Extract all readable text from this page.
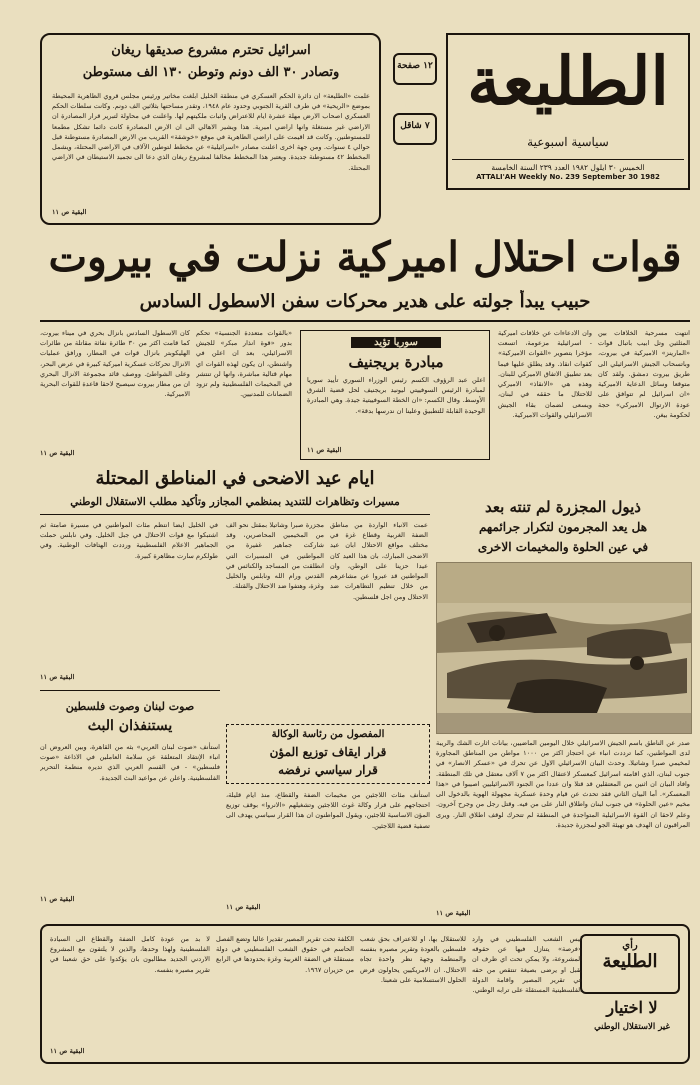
الطليعة
سياسية اسبوعية
الخميس ٣٠ ايلول ١٩٨٢ العدد ٢٣٩ السنة الخامسة
ATTALI'AH Weekly No. 239 September 30 1982
١٢ صفحة
٧ شاقل
اسرائيل تحترم مشروع صديقها ريغان
وتصادر ٣٠ الف دونم وتوطن ١٣٠ الف مستوطن
علمت «الطليعة» ان دائرة الحكم العسكري في منطقة الخليل ابلغت مخاتير ورئيس مجلس قروي الظاهرية المحيطة بموضع «الريحية» في طرف القرية الجنوبي وحدود عام ١٩٤٨، وتقدر مساحتها بثلاثين الف دونم. وكانت سلطات الحكم العسكري اصحاب الارض مهلة عشرة ايام للاعتراض واثبات ملكيتهم لها. واعلنت في محاولة لتبرير قرار المصادرة ان الاراضي غير مستغلة وانها اراضي اميرية. هذا ويشير الاهالي الى ان الارض المصادرة كانت دائما تشكل مطمعا للمستوطنين. وكانت قد اقيمت على اراضي الظاهرية في موقع «خوشقة» القريب من الارض المصادرة مستوطنة قبل حوالي ٤ سنوات. ومن جهة اخرى اعلنت مصادر «اسرائيلية» عن مخطط لتوطين الآلاف في الاراضي المحتلة، ويشمل المخطط ٤٢ مستوطنة جديدة. ويعتبر هذا المخطط مخالفا لمشروع ريغان الذي دعا الى تجميد الاستيطان في الاراضي المحتلة.
البقية ص ١١
قوات احتلال اميركية نزلت في بيروت
حبيب يبدأ جولته على هدير محركات سفن الاسطول السادس
انتهت مسرحية الخلافات بين المثلثين وتل ابيب باتبال قوات «المارينز» الاميركية في بيروت، وباتسحاب الجيش الاسرائيلي الى طريق بيروت دمشق. ولقد كان متوقعا وسائل الدعاية الاميركية «ان اسرائيل لم تتوافق على عودة الارتوال الاميركي» حجة لحكومة بيغن.
وان الادعاءات عن خلافات اميركية - اسرائيلية مزعومة، اتسعت مؤخرا بتصوير «القوات الاميركية» كقوات انقاذ. وقد يطلق عليها فيما بعد تطبيق الاتفاق الاميركي للبنان. وهذه هي «الانقاذ» الاميركي للاحتلال ما حققه في لبنان، ويسعى لضمان بقاء الجيش الاسرائيلي والقوات الاميركية.
«بالقوات متعددة الجنسية» تحكم بدور «قوة انذار مبكر» للجيش الاسرائيلي، بعد ان اعلن في واشنطن، ان يكون لهذه القوات اي مهام قتالية مباشرة، وانها لن تنتشر في المخيمات الفلسطينية ولم تزود الضمانات للمدنيين.
كان الاسطول السادس بانزال بحري في ميناء بيروت، كما قامت اكثر من ٣٠ طائرة نفاثة مقاتلة من طائرات الهليكوبتر بانزال قوات في المطار، ورافق عمليات الانزال تحركات عسكرية اميركية كبيرة في عرض البحر، وعلى الشواطئ. ووصف قائد مجموعة الانزال البحري ان من مطار بيروت سيصبح لاحقا قاعدة للقوات البحرية الاميركية.
البقية ص ١١
سوريا تؤيد
مبادرة بريجنيف
اعلن عبد الرؤوف الكسم رئيس الوزراء السوري تأييد سوريا لمبادرة الرئيس السوفييتي ليونيد بريجنيف لحل قضية الشرق الأوسط. وقال الكسم: «ان الخطة السوفييتية جيدة. وهي المبادرة الوحيدة القابلة للتطبيق وعلينا ان ندرسها بدقة».
البقية ص ١١
ايام عيد الاضحى في المناطق المحتلة
مسيرات وتظاهرات للتنديد بمنظمي المجازر وتأكيد مطلب الاستقلال الوطني
عمت الانباء الواردة من مناطق الضفة الغربية وقطاع غزة في مختلف مواقع الاحتلال ابان عيد الاضحى المبارك، بان هذا العيد كان عيدا حزينا على الوطن، وان المواطنين قد عبروا عن مشاعرهم من خلال تنظيم التظاهرات ضد الاحتلال ومن اجل فلسطين.
مجزرة صبرا وشاتيلا بمقتل نحو الف من المخيمين المحاصرين، وقد شاركت جماهير غفيرة من المواطنين في المسيرات التي انطلقت من المساجد والكنائس في القدس ورام الله ونابلس والخليل وغزة، وهتفوا ضد الاحتلال والقتلة.
في الخليل ايضا انتظم مئات المواطنين في مسيرة صامتة ثم اشتبكوا مع قوات الاحتلال في جبل الخليل. وفي نابلس حملت الجماهير الاعلام الفلسطينية ورددت الهتافات الوطنية. وفي طولكرم سارت مظاهرة كبيرة.
البقية ص ١١
صوت لبنان وصوت فلسطين
يستنفذان البث
استأنف «صوت لبنان العربي» بثه من القاهرة، وبين العروض ان انباء الإنتقاد المتعلقة عن سلامة العاملين في الاذاعة «صوت فلسطين» - في القسم العربي الذي تديره منظمة التحرير الفلسطينية. واعلن عن مواعيد البث الجديدة.
البقية ص ١١
المفصول من رئاسة الوكالة
قرار ايقاف توزيع المؤن
قرار سياسي نرفضه
استأنف مئات اللاجئين من مخيمات الضفة والقطاع، منذ ايام قليلة، احتجاجهم على قرار وكالة غوث اللاجئين وتشغيلهم «الانروا» بوقف توزيع المؤن الاساسية للاجئين، ويقول المواطنون ان هذا القرار سياسي يهدف الى تصفية قضية اللاجئين.
البقية ص ١١
ذيول المجزرة لم تنته بعد
هل يعد المجرمون لتكرار جرائمهم
في عين الحلوة والمخيمات الاخرى
صدر عن الناطق باسم الجيش الاسرائيلي خلال اليومين الماضيين، بيانات اثارت الشك والريبة لدى المواطنين، كما ترددت انباء عن احتجاز اكثر من ١٠٠٠ مواطن من المناطق المجاورة لمخيمي صبرا وشاتيلا. وحدث البيان الاسرائيلي الاول عن تحرك في «عسكر الانصار» في جنوب لبنان، الذي اقامته اسرائيل كمعسكر لاعتقال اكثر من ٧ آلاف معتقل في تلك المنطقة. وافاد البيان ان اثنين من المعتقلين قد قتلا وان عددا من الجنود الاسرائيليين اصيبوا في «هذا المعسكر». أما البيان الثاني فقد تحدث عن قيام وحدة عسكرية مجهولة الهوية بالدخول الى مخيم «عين الحلوة» في جنوب لبنان واطلاق النار على من فيه. وقتل رجل من وجرح آخرون. وعلم لاحقا ان القوة الاسرائيلية المتواجدة في المنطقة لم تتحرك لوقف اطلاق النار. ويرى المراقبون ان الهدف هو تهيئة الجو لمجزرة جديدة.
البقية ص ١١
رأي
الطليعة
لا اختيار
غير الاستقلال الوطني
ليس الشعب الفلسطيني في وارد «فرصة» يتنازل فيها عن حقوقه المشروعة، ولا يمكن تحت اي ظرف ان يقبل او يرضى بصيغة تنتقص من حقه في تقرير المصير واقامة الدولة الفلسطينية المستقلة على ترابه الوطني.
للاستقلال بها، او للاعتراف بحق شعب فلسطين بالعودة وتقرير مصيره بنفسه والمنظمة وجهة نظر واحدة تجاه الاحتلال. ان الامريكيين يحاولون فرض الحلول الاستسلامية على شعبنا.
الكلفة تحت تقرير المصير تقديرا عاليا وتضع الفصل الحاسم في حقوق الشعب الفلسطيني في دولة مستقلة في الضفة الغربية وغزة بحدودها في الرابع من حزيران ١٩٦٧.
لا بد من عودة كامل الضفة والقطاع الى السيادة الفلسطينية ولهذا وحدها، والذين لا يلتقون مع المشروع الاردني الجديد مطالبون بان يؤكدوا على حق شعبنا في تقرير مصيره بنفسه.
البقية ص ١١
